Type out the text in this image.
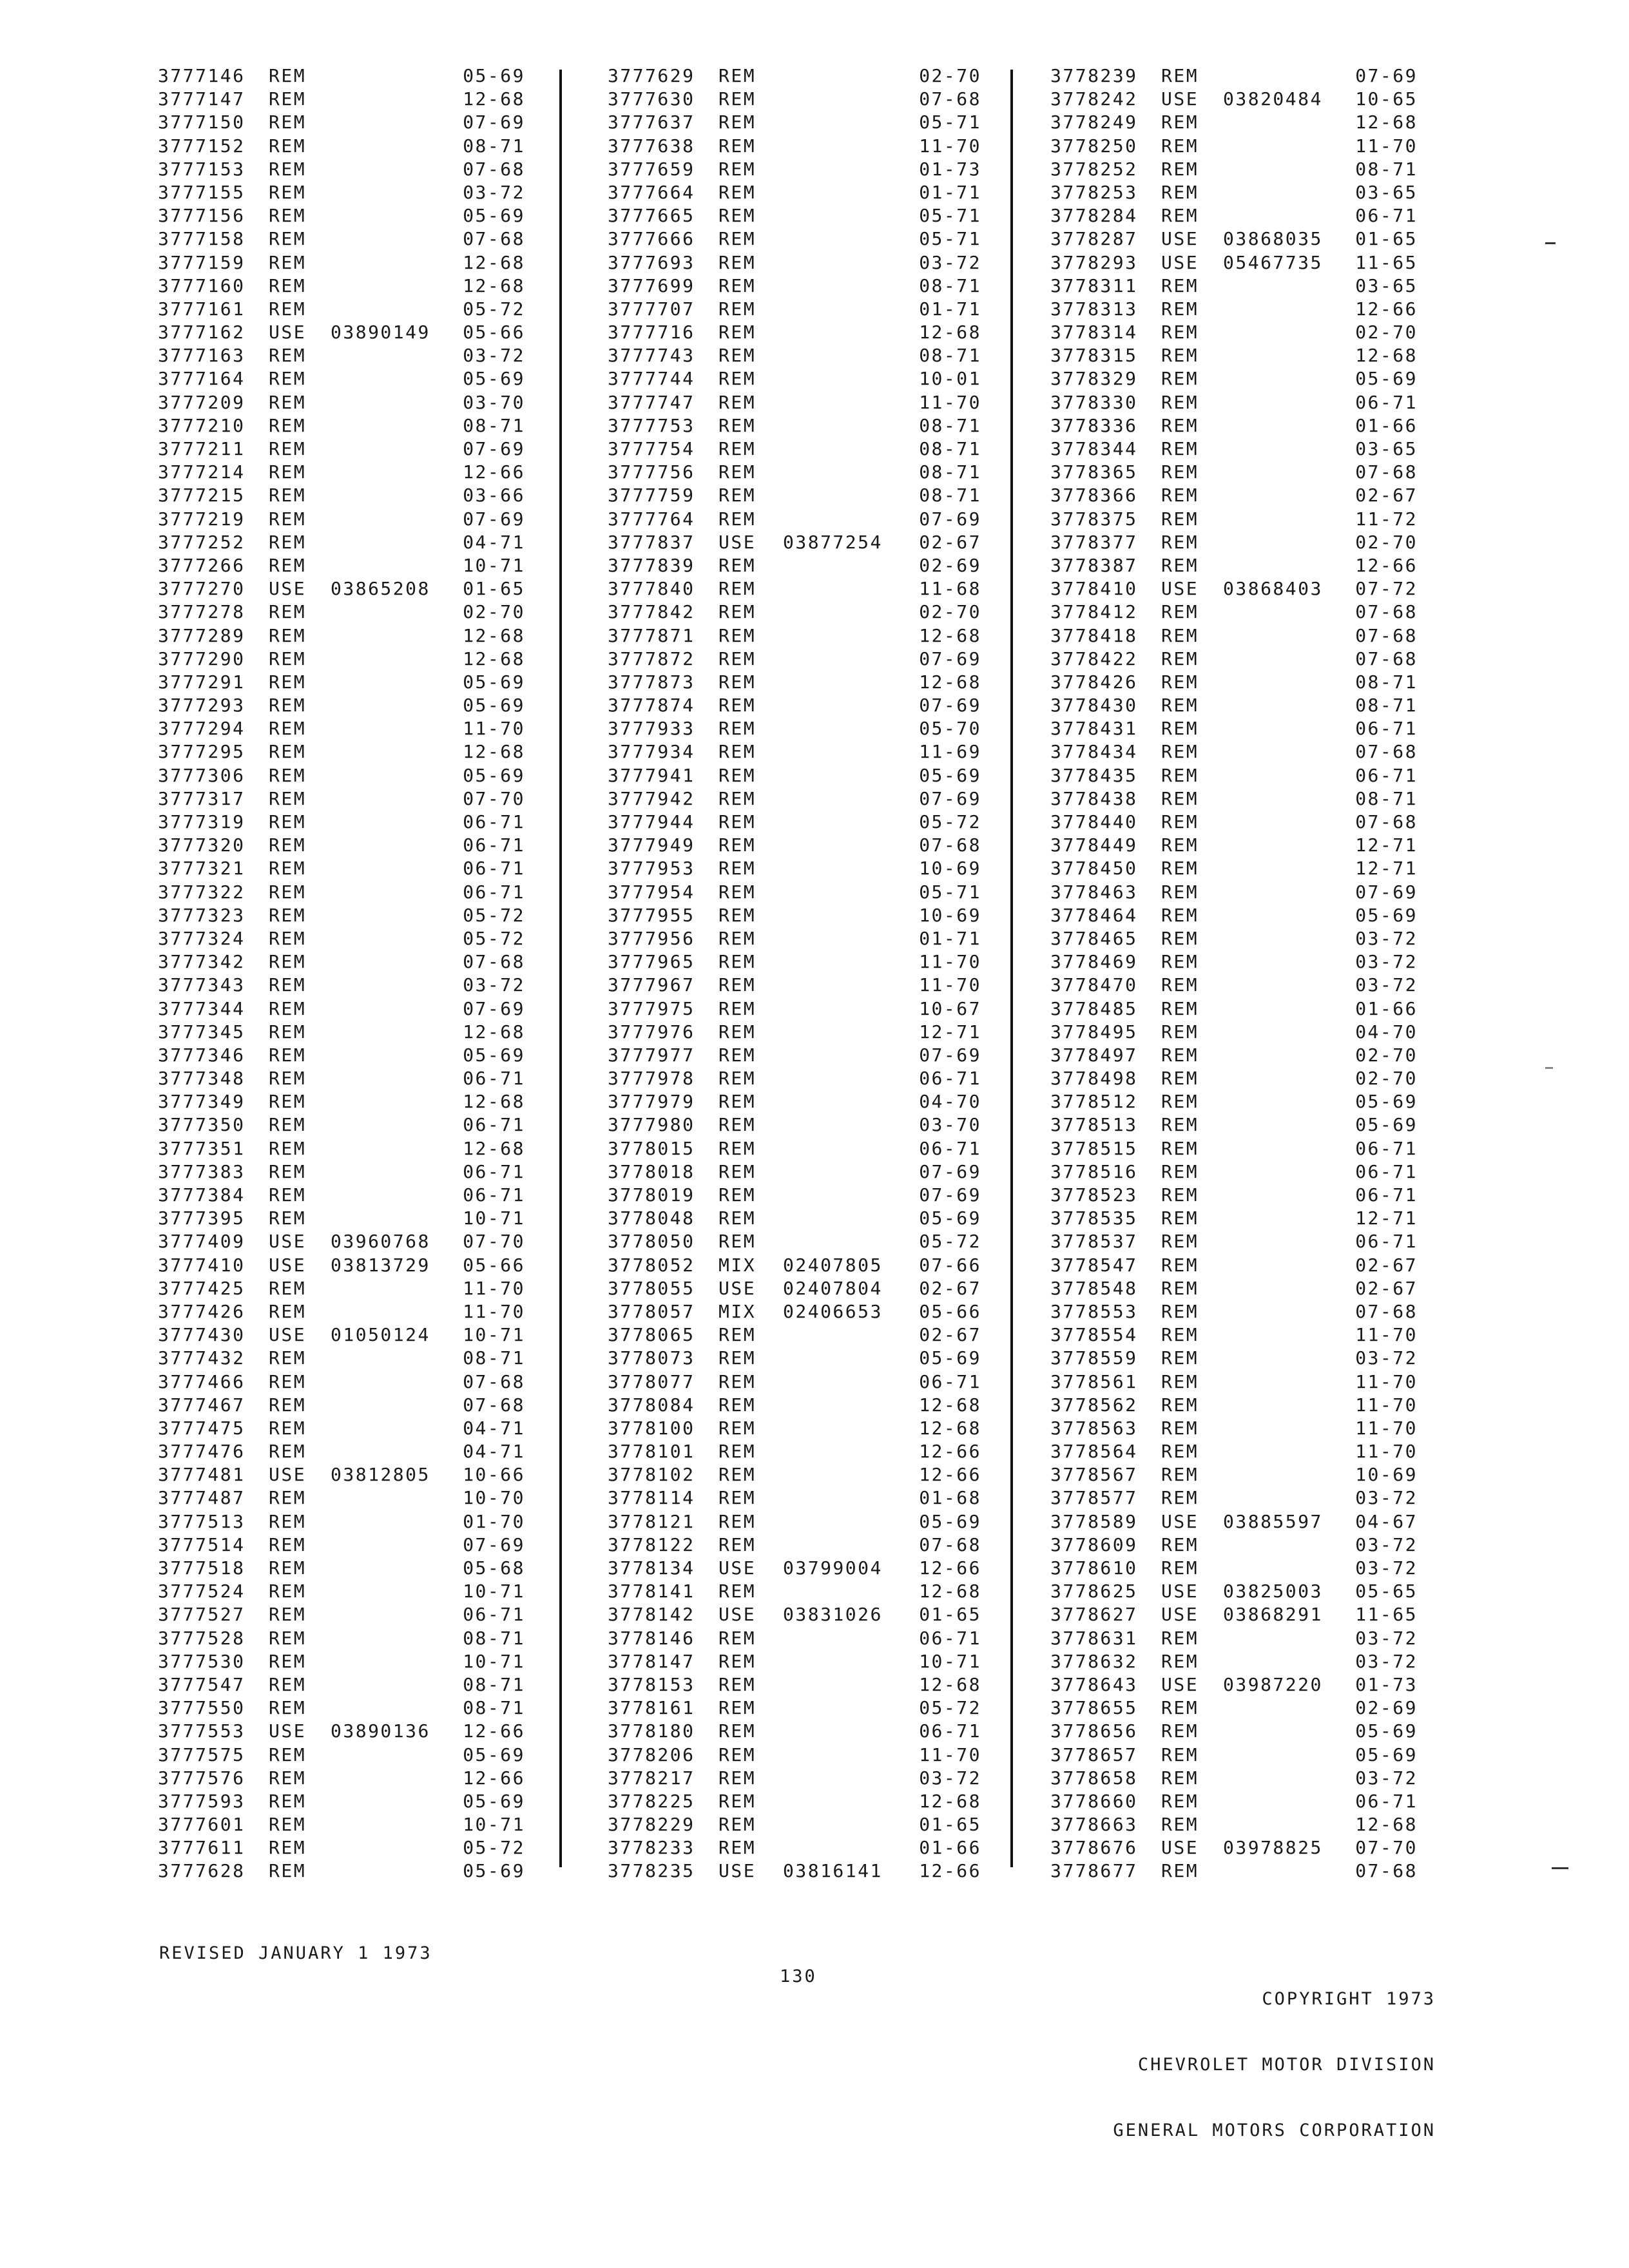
3777146 REM	05-69
3777147 REM	12-68
3777150 REM	07-69
3777152 REM	08-71
3777153 REM	07-68
3777155 REM	03-72
3777156 REM	05-69
3777158 REM	07-68
3777159 REM	12-68
3777160 REM	12-68
3777161 REM	05-72
3777162 USE 03890149 05-66
3777163 REM	03-72
3777164 REM	05-69
3777209 REM	03-70
3777210 REM	08-71
3777211 REM	07-69
3777214 REM	12-66
3777215 REM	03-66
3777219 REM	07-69
3777252 REM	04-71
3777266 REM	10-71
3777270 USE 03865208 01-65
3777278 REM	02-70
3777289 REM	12-68
3777290 REM	12-68
3777291 REM	05-69
3777293 REM	05-69
3777294 REM	11-70
3777295 REM	12-68
3777306 REM	05-69
3777317 REM	07-70
3777319 REM	06-71
3777320 REM	06-71
3777321 REM	06-71
3777322 REM	06-71
3777323 REM	05-72
3777324 REM	05-72
3777342 REM	07-68
3777343 REM	03-72
3777344 REM	07-69
3777345 REM	12-68
3777346 REM	05-69
3777348 REM	06-71
3777349 REM	12-68
3777350 REM	06-71
3777351 REM	12-68
3777383 REM	06-71
3777384 REM	06-71
3777395 REM	10-71
3777409 USE 03960768 07-70
3777410 USE 03813729 05-66
3777425 REM	11-70
3777426 REM	11-70
3777430 USE 01050124 10-71
3777432 REM	08-71
3777466 REM	07-68
3777467 REM	07-68
3777475 REM	04-71
3777476 REM	04-71
3777481 USE 03812805 10-66
3777487 REM	10-70
3777513 REM	01-70
3777514 REM	07-69
3777518 REM	05-68
3777524 REM	10-71
3777527 REM	06-71
3777528 REM	08-71
3777530 REM	10-71
3777547 REM	08-71
3777550 REM	08-71
3777553 USE 03890136 12-66
3777575 REM	05-69
3777576 REM	12-66
3777593 REM	05-69
3777601 REM	10-71
3777611 REM	05-72
3777628 REM	05-69
3777629 REM	02-70
3777630 REM	07-68
3777637 REM	05-71
3777638 REM	11-70
3777659 REM	01-73
3777664 REM	01-71
3777665 REM	05-71
3777666 REM	05-71
3777693 REM	03-72
3777699 REM	08-71
3777707 REM	01-71
3777716 REM	12-68
3777743 REM	08-71
3777744 REM	10-01
3777747 REM	11-70
3777753 REM	08-71
3777754 REM	08-71
3777756 REM	08-71
3777759 REM	08-71
3777764 REM	07-69
3777837 USE 03877254 02-67
3777839 REM	02-69
3777840 REM	11-68
3777842 REM	02-70
3777871 REM	12-68
3777872 REM	07-69
3777873 REM	12-68
3777874 REM	07-69
3777933 REM	05-70
3777934 REM	11-69
3777941 REM	05-69
3777942 REM	07-69
3777944 REM	05-72
3777949 REM	07-68
3777953 REM	10-69
3777954 REM	05-71
3777955 REM	10-69
3777956 REM	01-71
3777965 REM	11-70
3777967 REM	11-70
3777975 REM	10-67
3777976 REM	12-71
3777977 REM	07-69
3777978 REM	06-71
3777979 REM	04-70
3777980 REM	03-70
3778015 REM	06-71
3778018 REM	07-69
3778019 REM	07-69
3778048 REM	05-69
3778050 REM	05-72
3778052 MIX 02407805 07-66
3778055 USE 02407804 02-67
3778057 MIX 02406653 05-66
3778065 REM	02-67
3778073 REM	05-69
3778077 REM	06-71
3778084 REM	12-68
3778100 REM	12-68
3778101 REM	12-66
3778102 REM	12-66
3778114 REM	01-68
3778121 REM	05-69
3778122 REM	07-68
3778134 USE 03799004 12-66
3778141 REM	12-68
3778142 USE 03831026 01-65
3778146 REM	06-71
3778147 REM	10-71
3778153 REM	12-68
3778161 REM	05-72
3778180 REM	06-71
3778206 REM	11-70
3778217 REM	03-72
3778225 REM	12-68
3778229 REM	01-65
3778233 REM	01-66
3778235 USE 03816141 12-66
3778239 REM	07-69
3778242 USE 03820484 10-65
3778249 REM	12-68
3778250 REM	11-70
3778252 REM	08-71
3778253 REM	03-65
3778284 REM	06-71
3778287 USE 03868035 01-65
3778293 USE 05467735 11-65
3778311 REM	03-65
3778313 REM	12-66
3778314 REM	02-70
3778315 REM	12-68
3778329 REM	05-69
3778330 REM	06-71
3778336 REM	01-66
3778344 REM	03-65
3778365 REM	07-68
3778366 REM	02-67
3778375 REM	11-72
3778377 REM	02-70
3778387 REM	12-66
3778410 USE 03868403 07-72
3778412 REM	07-68
3778418 REM	07-68
3778422 REM	07-68
3778426 REM	08-71
3778430 REM	08-71
3778431 REM	06-71
3778434 REM	07-68
3778435 REM	06-71
3778438 REM	08-71
3778440 REM	07-68
3778449 REM	12-71
3778450 REM	12-71
3778463 REM	07-69
3778464 REM	05-69
3778465 REM	03-72
3778469 REM	03-72
3778470 REM	03-72
3778485 REM	01-66
3778495 REM	04-70
3778497 REM	02-70
3778498 REM	02-70
3778512 REM	05-69
3778513 REM	05-69
3778515 REM	06-71
3778516 REM	06-71
3778523 REM	06-71
3778535 REM	12-71
3778537 REM	06-71
3778547 REM	02-67
3778548 REM	02-67
3778553 REM	07-68
3778554 REM	11-70
3778559 REM	03-72
3778561 REM	11-70
3778562 REM	11-70
3778563 REM	11-70
3778564 REM	11-70
3778567 REM	10-69
3778577 REM	03-72
3778589 USE 03885597 04-67
3778609 REM	03-72
3778610 REM	03-72
3778625 USE 03825003 05-65
3778627 USE 03868291 11-65
3778631 REM	03-72
3778632 REM	03-72
3778643 USE 03987220 01-73
3778655 REM	02-69
3778656 REM	05-69
3778657 REM	05-69
3778658 REM	03-72
3778660 REM	06-71
3778663 REM	12-68
3778676 USE 03978825 07-70
3778677 REM	07-68
REVISED JANUARY 1 1973
130

COPYRIGHT 1973

CHEVROLET MOTOR DIVISION

GENERAL MOTORS CORPORATION
